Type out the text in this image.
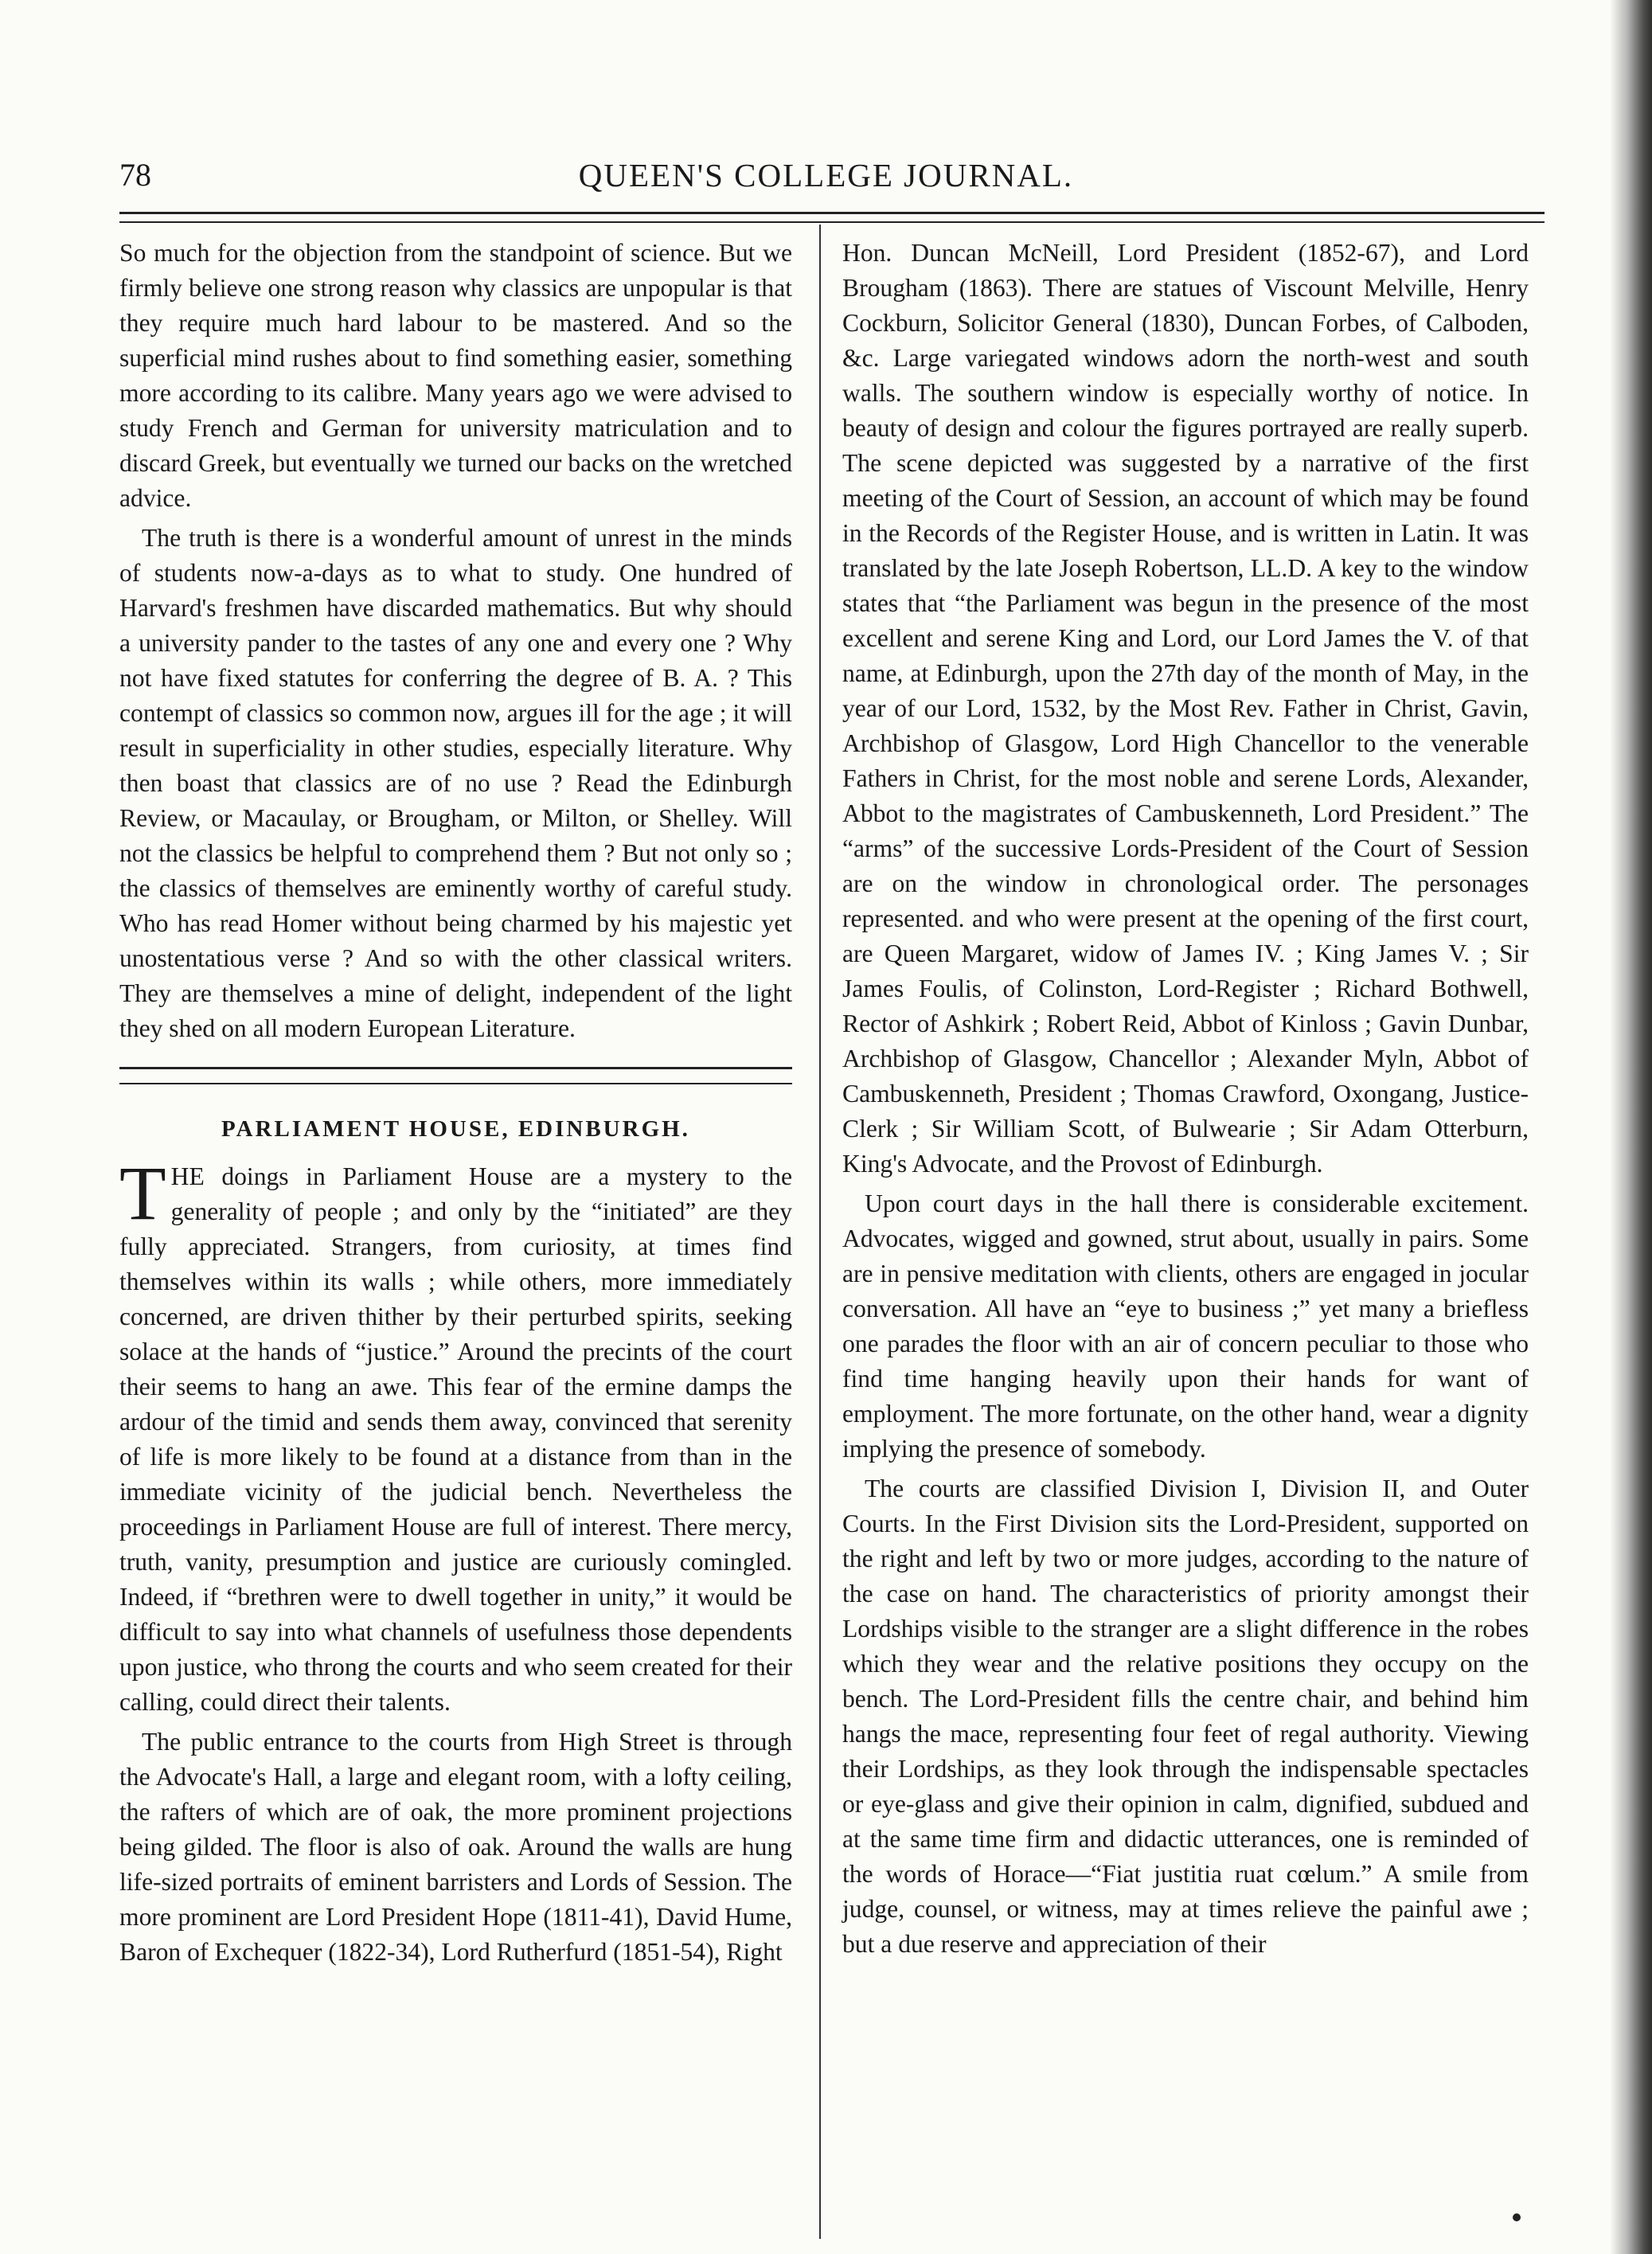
78	QUEEN'S COLLEGE JOURNAL.

So much for the objection from the standpoint of science. But we firmly believe one strong reason why classics are unpopular is that they require much hard labour to be mastered. And so the superficial mind rushes about to find something easier, something more according to its calibre. Many years ago we were advised to study French and German for university matriculation and to discard Greek, but eventually we turned our backs on the wretched advice.

The truth is there is a wonderful amount of unrest in the minds of students now-a-days as to what to study. One hundred of Harvard's freshmen have discarded mathematics. But why should a university pander to the tastes of any one and every one ? Why not have fixed statutes for conferring the degree of B. A. ? This contempt of classics so common now, argues ill for the age ; it will result in superficiality in other studies, especially literature. Why then boast that classics are of no use ? Read the Edinburgh Review, or Macaulay, or Brougham, or Milton, or Shelley. Will not the classics be helpful to comprehend them ? But not only so ; the classics of themselves are eminently worthy of careful study. Who has read Homer without being charmed by his majestic yet unostentatious verse ? And so with the other classical writers. They are themselves a mine of delight, independent of the light they shed on all modern European Literature.

PARLIAMENT HOUSE, EDINBURGH.

THE doings in Parliament House are a mystery to the generality of people ; and only by the “initiated” are they fully appreciated. Strangers, from curiosity, at times find themselves within its walls ; while others, more immediately concerned, are driven thither by their perturbed spirits, seeking solace at the hands of “justice.” Around the precints of the court their seems to hang an awe. This fear of the ermine damps the ardour of the timid and sends them away, convinced that serenity of life is more likely to be found at a distance from than in the immediate vicinity of the judicial bench. Nevertheless the proceedings in Parliament House are full of interest. There mercy, truth, vanity, presumption and justice are curiously comingled. Indeed, if “brethren were to dwell together in unity,” it would be difficult to say into what channels of usefulness those dependents upon justice, who throng the courts and who seem created for their calling, could direct their talents.

The public entrance to the courts from High Street is through the Advocate's Hall, a large and elegant room, with a lofty ceiling, the rafters of which are of oak, the more prominent projections being gilded. The floor is also of oak. Around the walls are hung life-sized portraits of eminent barristers and Lords of Session. The more prominent are Lord President Hope (1811-41), David Hume, Baron of Exchequer (1822-34), Lord Rutherfurd (1851-54), Right

Hon. Duncan McNeill, Lord President (1852-67), and Lord Brougham (1863). There are statues of Viscount Melville, Henry Cockburn, Solicitor General (1830), Duncan Forbes, of Calboden, &c. Large variegated windows adorn the north-west and south walls. The southern window is especially worthy of notice. In beauty of design and colour the figures portrayed are really superb. The scene depicted was suggested by a narrative of the first meeting of the Court of Session, an account of which may be found in the Records of the Register House, and is written in Latin. It was translated by the late Joseph Robertson, LL.D. A key to the window states that “the Parliament was begun in the presence of the most excellent and serene King and Lord, our Lord James the V. of that name, at Edinburgh, upon the 27th day of the month of May, in the year of our Lord, 1532, by the Most Rev. Father in Christ, Gavin, Archbishop of Glasgow, Lord High Chancellor to the venerable Fathers in Christ, for the most noble and serene Lords, Alexander, Abbot to the magistrates of Cambuskenneth, Lord President.” The “arms” of the successive Lords-President of the Court of Session are on the window in chronological order. The personages represented. and who were present at the opening of the first court, are Queen Margaret, widow of James IV. ; King James V. ; Sir James Foulis, of Colinston, Lord-Register ; Richard Bothwell, Rector of Ashkirk ; Robert Reid, Abbot of Kinloss ; Gavin Dunbar, Archbishop of Glasgow, Chancellor ; Alexander Myln, Abbot of Cambuskenneth, President ; Thomas Crawford, Oxongang, Justice-Clerk ; Sir William Scott, of Bulwearie ; Sir Adam Otterburn, King's Advocate, and the Provost of Edinburgh.

Upon court days in the hall there is considerable excitement. Advocates, wigged and gowned, strut about, usually in pairs. Some are in pensive meditation with clients, others are engaged in jocular conversation. All have an “eye to business ;” yet many a briefless one parades the floor with an air of concern peculiar to those who find time hanging heavily upon their hands for want of employment. The more fortunate, on the other hand, wear a dignity implying the presence of somebody.

The courts are classified Division I, Division II, and Outer Courts. In the First Division sits the Lord-President, supported on the right and left by two or more judges, according to the nature of the case on hand. The characteristics of priority amongst their Lordships visible to the stranger are a slight difference in the robes which they wear and the relative positions they occupy on the bench. The Lord-President fills the centre chair, and behind him hangs the mace, representing four feet of regal authority. Viewing their Lordships, as they look through the indispensable spectacles or eye-glass and give their opinion in calm, dignified, subdued and at the same time firm and didactic utterances, one is reminded of the words of Horace—“Fiat justitia ruat cœlum.” A smile from judge, counsel, or witness, may at times relieve the painful awe ; but a due reserve and appreciation of their
